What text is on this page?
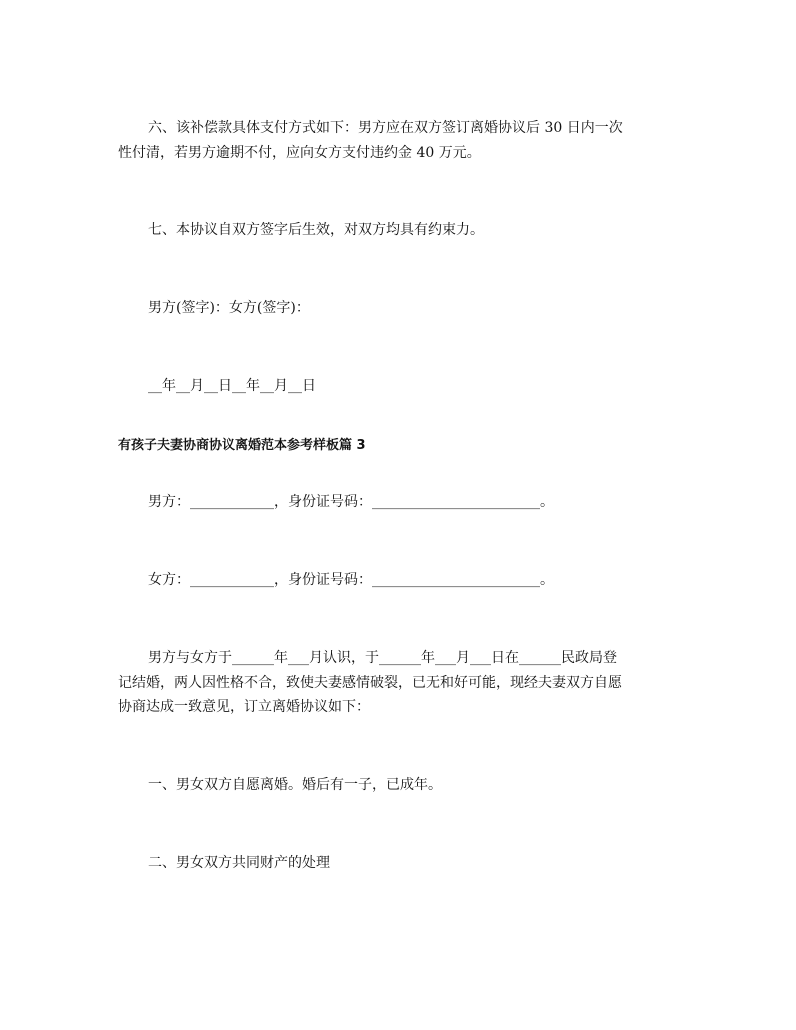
六、该补偿款具体支付方式如下：男方应在双方签订离婚协议后 30 日内一次
性付清，若男方逾期不付，应向女方支付违约金 40 万元。
七、本协议自双方签字后生效，对双方均具有约束力。
男方(签字)：女方(签字)：
__年__月__日__年__月__日
有孩子夫妻协商协议离婚范本参考样板篇 3
男方：____________，身份证号码：________________________。
女方：____________，身份证号码：________________________。
男方与女方于______年___月认识，于______年___月___日在______民政局登
记结婚，两人因性格不合，致使夫妻感情破裂，已无和好可能，现经夫妻双方自愿
协商达成一致意见，订立离婚协议如下：
一、男女双方自愿离婚。婚后有一子，已成年。
二、男女双方共同财产的处理
